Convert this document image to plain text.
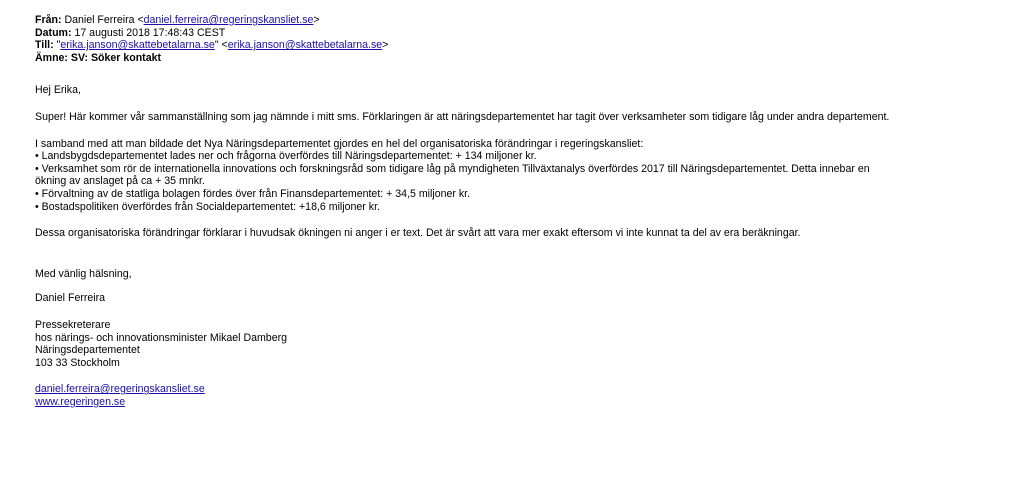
Från: Daniel Ferreira <daniel.ferreira@regeringskansliet.se>
Datum: 17 augusti 2018 17:48:43 CEST
Till: "erika.janson@skattebetalarna.se" <erika.janson@skattebetalarna.se>
Ämne: SV: Söker kontakt
Hej Erika,
Super! Här kommer vår sammanställning som jag nämnde i mitt sms. Förklaringen är att näringsdepartementet har tagit över verksamheter som tidigare låg under andra departement.
I samband med att man bildade det Nya Näringsdepartementet gjordes en hel del organisatoriska förändringar i regeringskansliet:
• Landsbygdsdepartementet lades ner och frågorna överfördes till Näringsdepartementet: + 134 miljoner kr.
• Verksamhet som rör de internationella innovations och forskningsråd som tidigare låg på myndigheten Tillväxtanalys överfördes 2017 till Näringsdepartementet. Detta innebar en
ökning av anslaget på ca + 35 mnkr.
• Förvaltning av de statliga bolagen fördes över från Finansdepartementet: + 34,5 miljoner kr.
• Bostadspolitiken överfördes från Socialdepartementet: +18,6 miljoner kr.
Dessa organisatoriska förändringar förklarar i huvudsak ökningen ni anger i er text. Det är svårt att vara mer exakt eftersom vi inte kunnat ta del av era beräkningar.
Med vänlig hälsning,
Daniel Ferreira
Pressekreterare
hos närings- och innovationsminister Mikael Damberg
Näringsdepartementet
103 33 Stockholm
daniel.ferreira@regeringskansliet.se
www.regeringen.se
